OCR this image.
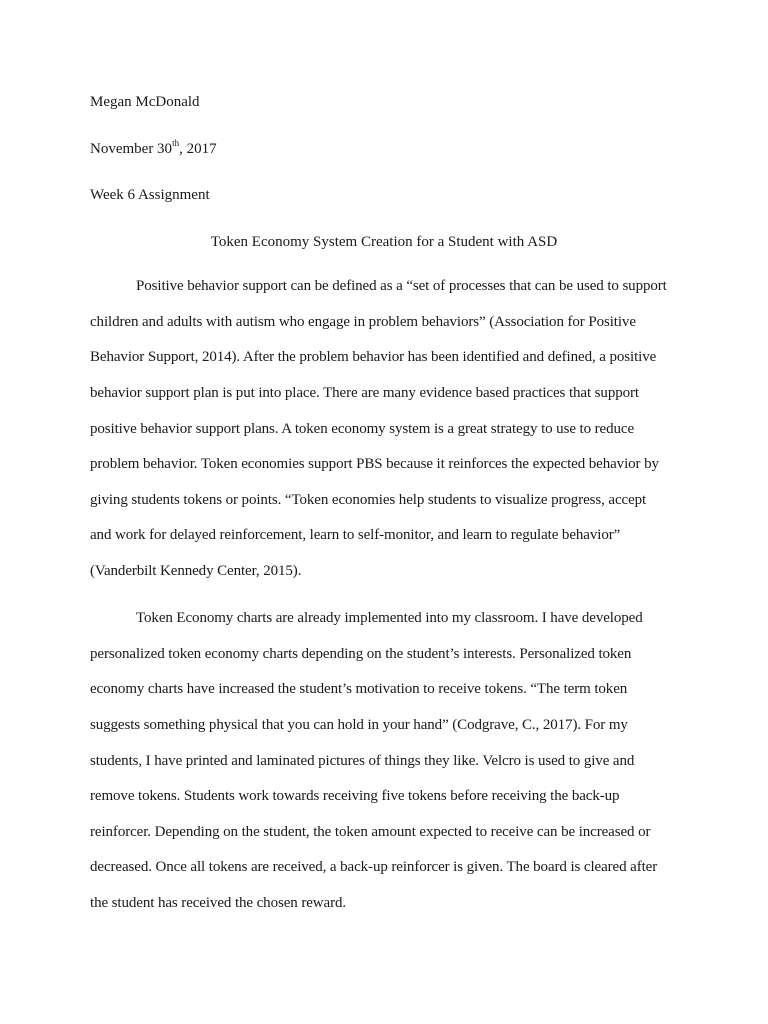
Megan McDonald

November 30th, 2017

Week 6 Assignment

Token Economy System Creation for a Student with ASD

Positive behavior support can be defined as a “set of processes that can be used to support

children and adults with autism who engage in problem behaviors” (Association for Positive

Behavior Support, 2014). After the problem behavior has been identified and defined, a positive

behavior support plan is put into place. There are many evidence based practices that support

positive behavior support plans. A token economy system is a great strategy to use to reduce

problem behavior. Token economies support PBS because it reinforces the expected behavior by

giving students tokens or points. “Token economies help students to visualize progress, accept

and work for delayed reinforcement, learn to self-monitor, and learn to regulate behavior”

(Vanderbilt Kennedy Center, 2015).

Token Economy charts are already implemented into my classroom. I have developed

personalized token economy charts depending on the student’s interests. Personalized token

economy charts have increased the student’s motivation to receive tokens. “The term token

suggests something physical that you can hold in your hand” (Codgrave, C., 2017). For my

students, I have printed and laminated pictures of things they like. Velcro is used to give and

remove tokens. Students work towards receiving five tokens before receiving the back-up

reinforcer. Depending on the student, the token amount expected to receive can be increased or

decreased. Once all tokens are received, a back-up reinforcer is given. The board is cleared after

the student has received the chosen reward.
